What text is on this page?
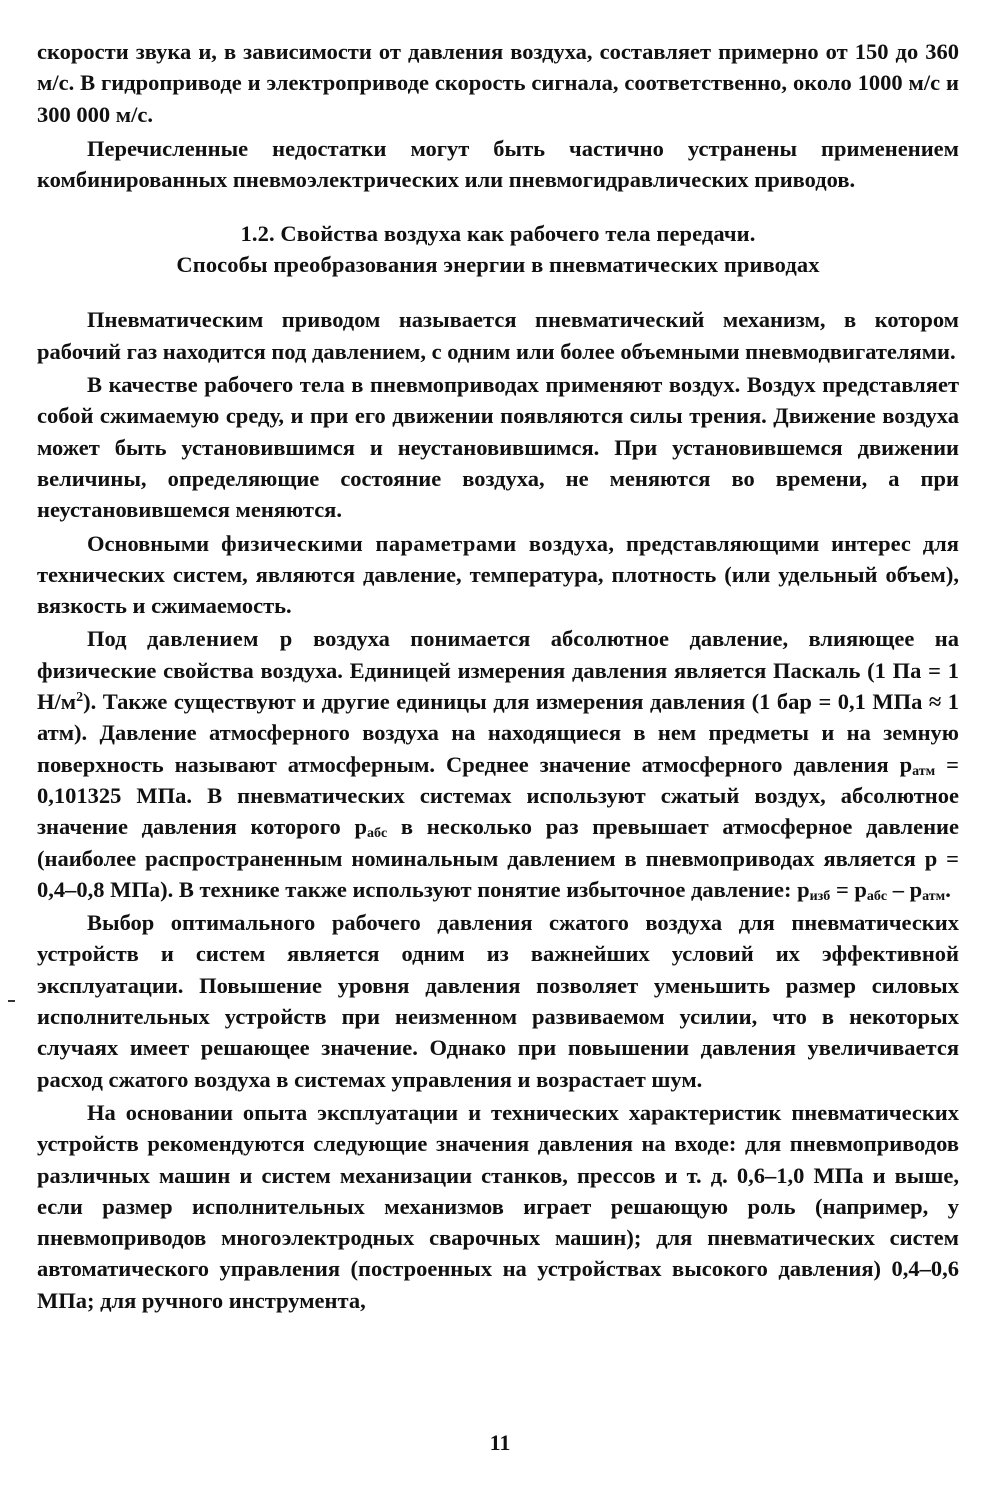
скорости звука и, в зависимости от давления воздуха, составляет примерно от 150 до 360 м/с. В гидроприводе и электроприводе скорость сигнала, соответственно, около 1000 м/с и 300 000 м/с.

Перечисленные недостатки могут быть частично устранены применением комбинированных пневмоэлектрических или пневмогидравлических приводов.

1.2. Свойства воздуха как рабочего тела передачи.
Способы преобразования энергии в пневматических приводах

Пневматическим приводом называется пневматический механизм, в котором рабочий газ находится под давлением, с одним или более объемными пневмодвигателями.

В качестве рабочего тела в пневмоприводах применяют воздух. Воздух представляет собой сжимаемую среду, и при его движении появляются силы трения. Движение воздуха может быть установившимся и неустановившимся. При установившемся движении величины, определяющие состояние воздуха, не меняются во времени, а при неустановившемся меняются.

Основными физическими параметрами воздуха, представляющими интерес для технических систем, являются давление, температура, плотность (или удельный объем), вязкость и сжимаемость.

Под давлением р воздуха понимается абсолютное давление, влияющее на физические свойства воздуха. Единицей измерения давления является Паскаль (1 Па = 1 $Н/м^2$). Также существуют и другие единицы для измерения давления (1 бар = 0,1 МПа ≈ 1 атм). Давление атмосферного воздуха на находящиеся в нем предметы и на земную поверхность называют атмосферным. Среднее значение атмосферного давления $р_{атм} = 0,101325$ МПа. В пневматических системах используют сжатый воздух, абсолютное значение давления которого $р_{абс}$ в несколько раз превышает атмосферное давление (наиболее распространенным номинальным давлением в пневмоприводах является р = 0,4–0,8 МПа). В технике также используют понятие избыточное давление: $р_{изб} = р_{абс} - р_{атм}$.

Выбор оптимального рабочего давления сжатого воздуха для пневматических устройств и систем является одним из важнейших условий их эффективной эксплуатации. Повышение уровня давления позволяет уменьшить размер силовых исполнительных устройств при неизменном развиваемом усилии, что в некоторых случаях имеет решающее значение. Однако при повышении давления увеличивается расход сжатого воздуха в системах управления и возрастает шум.

На основании опыта эксплуатации и технических характеристик пневматических устройств рекомендуются следующие значения давления на входе: для пневмоприводов различных машин и систем механизации станков, прессов и т. д. 0,6–1,0 МПа и выше, если размер исполнительных механизмов играет решающую роль (например, у пневмоприводов многоэлектродных сварочных машин); для пневматических систем автоматического управления (построенных на устройствах высокого давления) 0,4–0,6 МПа; для ручного инструмента,

11
